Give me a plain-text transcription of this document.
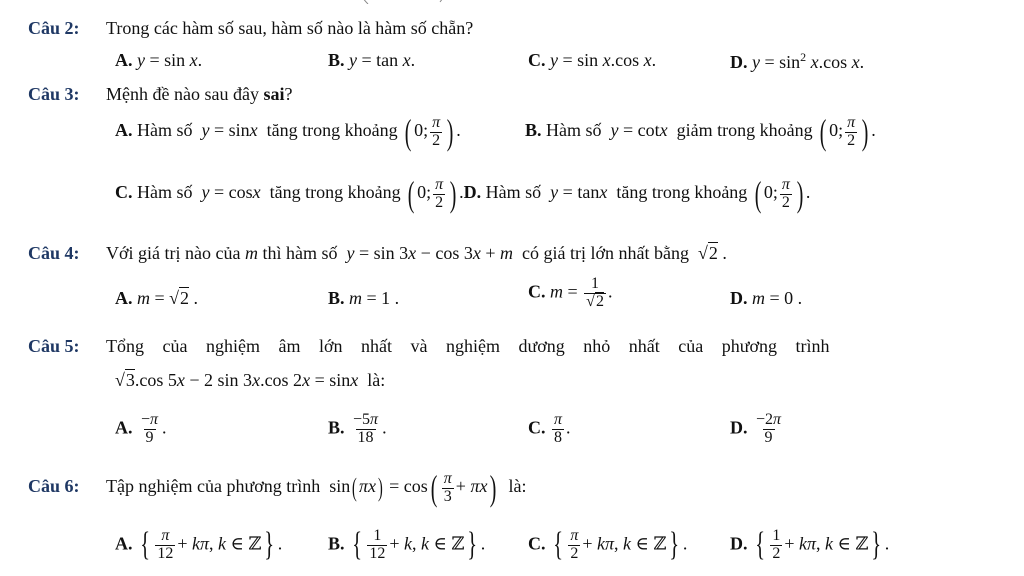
Câu 2: Trong các hàm số sau, hàm số nào là hàm số chẵn?
A. y = sin x.	B. y = tan x.	C. y = sin x.cos x.	D. $y = \sin^2 x.\cos$ x.
Câu 3: Mệnh đề nào sau đây sai?
A. Hàm số y = sinx tăng trong khoảng ( 0; $\frac{\pi}{2}$ ) .	B. Hàm số y = cotx giảm trong khoảng ( 0; $\frac{\pi}{2}$ ) .
C. Hàm số y = cosx tăng trong khoảng ( 0; $\frac{\pi}{2}$ ) .D. Hàm số y = tanx tăng trong khoảng ( 0; $\frac{\pi}{2}$ ) .
Câu 4: Với giá trị nào của m thì hàm số y = sin 3x − cos 3x + m có giá trị lớn nhất bằng  √2 .
A. m = √2 .	B. m = 1 .	C. $m = \frac{1}{√2}$ .	D. m = 0 .
Câu 5: Tổng của nghiệm âm lớn nhất và nghiệm dương nhỏ nhất của phương trình
√3.cos 5x − 2 sin 3x.cos 2x = sinx là:
A. $\frac{-\pi}{9}$ .	B. $\frac{-5\pi}{18}$ .	C. $\frac{\pi}{8}$ .	D. $\frac{-2\pi}{9}$
Câu 6: Tập nghiệm của phương trình  sin( $\pi x) = \cos( \frac{\pi}{3} + \pi x)$ là:
A. { $\frac{\pi}{12} + k\pi$, k ∈ ℤ} .	B. { $\frac{1}{12} + k$, k ∈ ℤ} . C. { $\frac{\pi}{2} + k\pi$, k ∈ ℤ} . D. { $\frac{1}{2} + k\pi$, k ∈ ℤ} .
